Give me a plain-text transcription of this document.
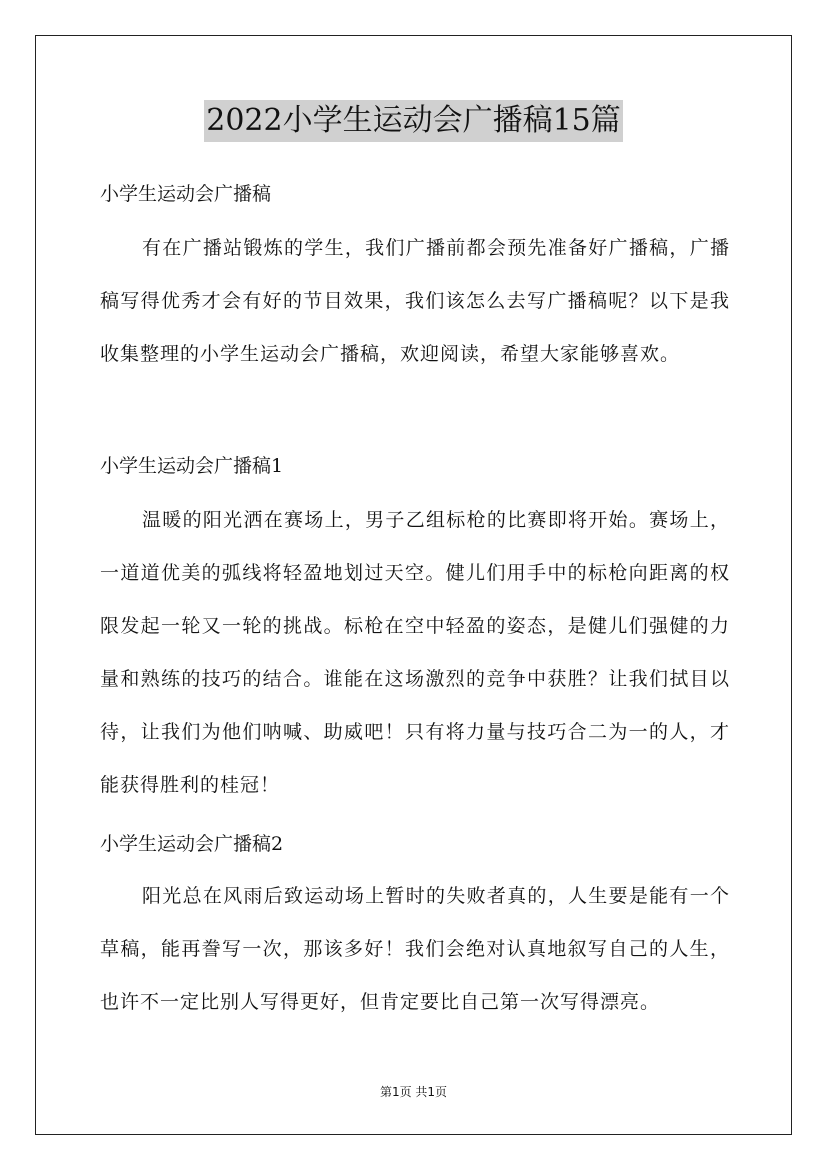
2022小学生运动会广播稿15篇
小学生运动会广播稿
有在广播站锻炼的学生，我们广播前都会预先准备好广播稿，广播稿写得优秀才会有好的节目效果，我们该怎么去写广播稿呢？以下是我收集整理的小学生运动会广播稿，欢迎阅读，希望大家能够喜欢。
小学生运动会广播稿1
温暖的阳光洒在赛场上，男子乙组标枪的比赛即将开始。赛场上，一道道优美的弧线将轻盈地划过天空。健儿们用手中的标枪向距离的权限发起一轮又一轮的挑战。标枪在空中轻盈的姿态，是健儿们强健的力量和熟练的技巧的结合。谁能在这场激烈的竞争中获胜？让我们拭目以待，让我们为他们呐喊、助威吧！只有将力量与技巧合二为一的人，才能获得胜利的桂冠！
小学生运动会广播稿2
阳光总在风雨后致运动场上暂时的失败者真的，人生要是能有一个草稿，能再誊写一次，那该多好！我们会绝对认真地叙写自己的人生，也许不一定比别人写得更好，但肯定要比自己第一次写得漂亮。
第1页 共1页
